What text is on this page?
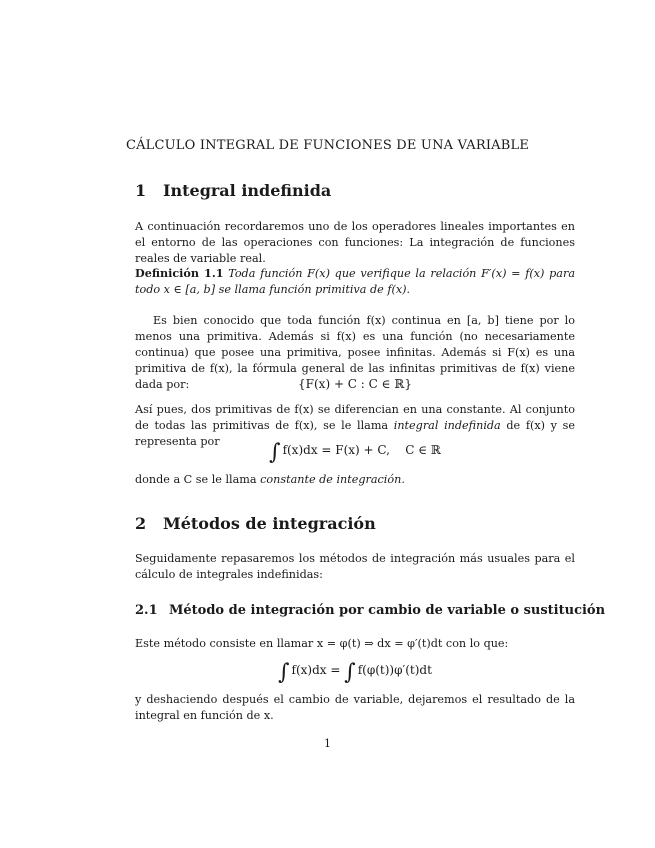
CÁLCULO INTEGRAL DE FUNCIONES DE UNA VARIABLE
1 Integral indefinida
A continuación recordaremos uno de los operadores lineales importantes en el entorno de las operaciones con funciones: La integración de funciones reales de variable real.
Definición 1.1 Toda función F(x) que verifique la relación F′(x) = f(x) para todo x ∈ [a, b] se llama función primitiva de f(x).
Es bien conocido que toda función f(x) continua en [a, b] tiene por lo menos una primitiva. Además si f(x) es una función (no necesariamente continua) que posee una primitiva, posee infinitas. Además si F(x) es una primitiva de f(x), la fórmula general de las infinitas primitivas de f(x) viene dada por:	{F(x) + C : C ∈ ℝ}
Así pues, dos primitivas de f(x) se diferencian en una constante. Al conjunto de todas las primitivas de f(x), se le llama integral indefinida de f(x) y se representa por	∫ f(x)dx = F(x) + C,    C ∈ ℝ
donde a C se le llama constante de integración.
2 Métodos de integración
Seguidamente repasaremos los métodos de integración más usuales para el cálculo de integrales indefinidas:
2.1 Método de integración por cambio de variable o sustitución
Este método consiste en llamar x = φ(t) ⇒ dx = φ′(t)dt con lo que:
∫ f(x)dx = ∫ f(φ(t))φ′(t)dt
y deshaciendo después el cambio de variable, dejaremos el resultado de la integral en función de x.
1
